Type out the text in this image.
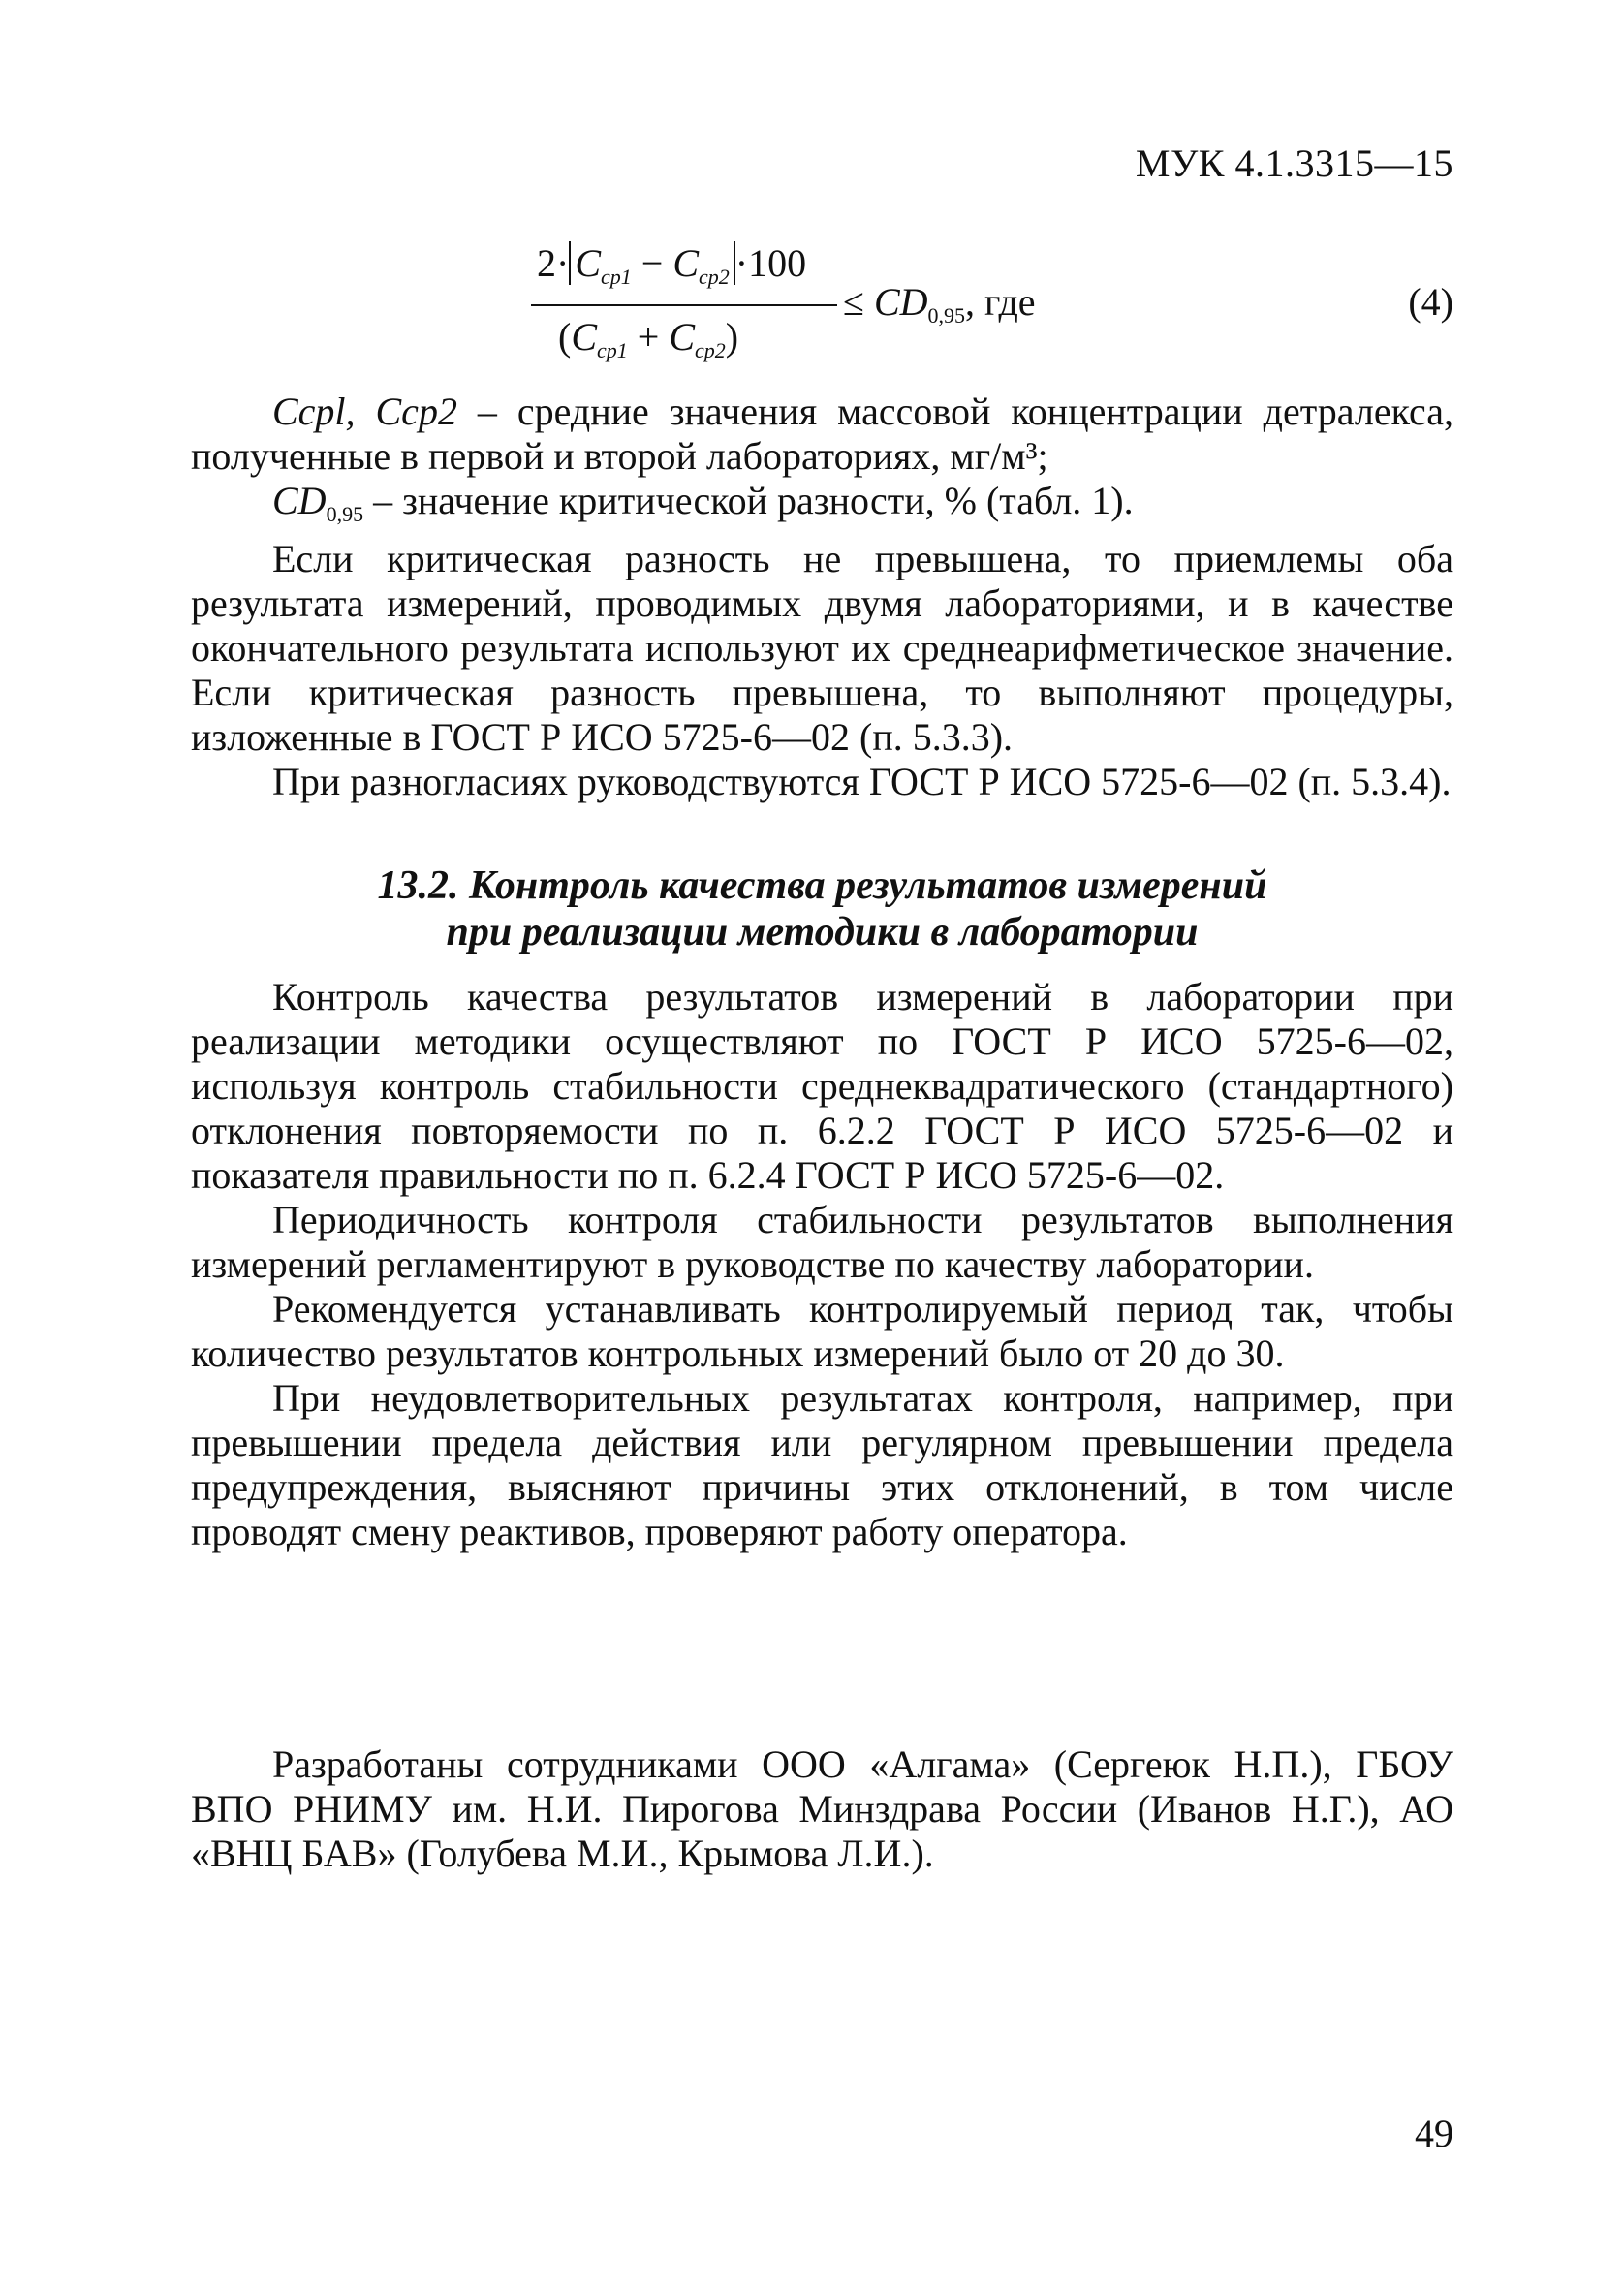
МУК 4.1.3315—15
$2\cdot C_{cp1} - C_{cp2} \cdot 100$
$(C_{cp1} + C_{cp2})$
≤ $CD_{0,95}$, где	(4)

Ccpl, Ccp2 – средние значения массовой концентрации детралекса, полученные в первой и второй лабораториях, мг/м³;

$CD_{0,95}$ – значение критической разности, % (табл. 1).

Если критическая разность не превышена, то приемлемы оба результата измерений, проводимых двумя лабораториями, и в качестве окончательного результата используют их среднеарифметическое значение. Если критическая разность превышена, то выполняют процедуры, изложенные в ГОСТ Р ИСО 5725-6—02 (п. 5.3.3).

При разногласиях руководствуются ГОСТ Р ИСО 5725-6—02 (п. 5.3.4).

13.2. Контроль качества результатов измерений
при реализации методики в лаборатории

Контроль качества результатов измерений в лаборатории при реализации методики осуществляют по ГОСТ Р ИСО 5725-6—02, используя контроль стабильности среднеквадратического (стандартного) отклонения повторяемости по п. 6.2.2 ГОСТ Р ИСО 5725-6—02 и показателя правильности по п. 6.2.4 ГОСТ Р ИСО 5725-6—02.

Периодичность контроля стабильности результатов выполнения измерений регламентируют в руководстве по качеству лаборатории.

Рекомендуется устанавливать контролируемый период так, чтобы количество результатов контрольных измерений было от 20 до 30.

При неудовлетворительных результатах контроля, например, при превышении предела действия или регулярном превышении предела предупреждения, выясняют причины этих отклонений, в том числе проводят смену реактивов, проверяют работу оператора.

Разработаны сотрудниками ООО «Алгама» (Сергеюк Н.П.), ГБОУ ВПО РНИМУ им. Н.И. Пирогова Минздрава России (Иванов Н.Г.), АО «ВНЦ БАВ» (Голубева М.И., Крымова Л.И.).

49
